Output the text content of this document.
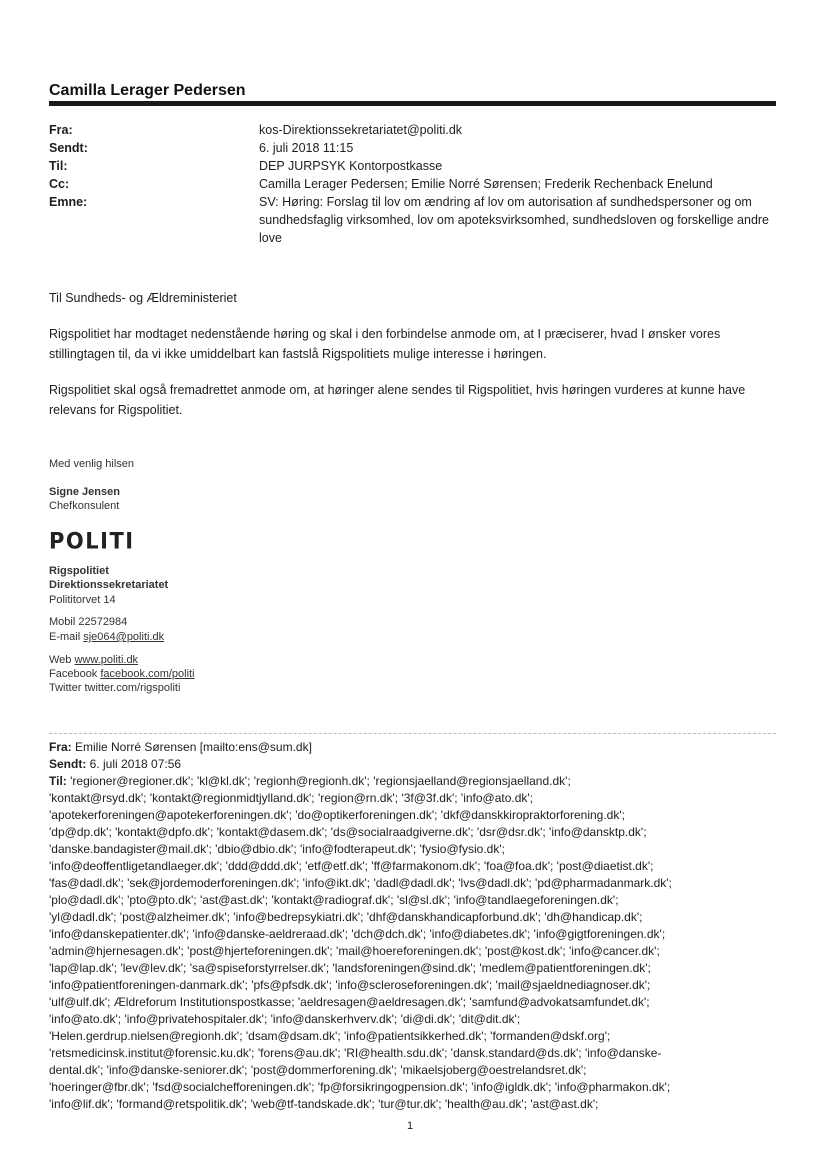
Camilla Lerager Pedersen
Fra:	kos-Direktionssekretariatet@politi.dk
Sendt:	6. juli 2018 11:15
Til:	DEP JURPSYK Kontorpostkasse
Cc:	Camilla Lerager Pedersen; Emilie Norré Sørensen; Frederik Rechenback Enelund
Emne:	SV: Høring: Forslag til lov om ændring af lov om autorisation af sundhedspersoner og om sundhedsfaglig virksomhed, lov om apoteksvirksomhed, sundhedsloven og forskellige andre love
Til Sundheds- og Ældreministeriet
Rigspolitiet har modtaget nedenstående høring og skal i den forbindelse anmode om, at I præciserer, hvad I ønsker vores stillingtagen til, da vi ikke umiddelbart kan fastslå Rigspolitiets mulige interesse i høringen.
Rigspolitiet skal også fremadrettet anmode om, at høringer alene sendes til Rigspolitiet, hvis høringen vurderes at kunne have relevans for Rigspolitiet.
Med venlig hilsen
Signe Jensen
Chefkonsulent
POLITI
Rigspolitiet
Direktionssekretariatet
Polititorvet 14
Mobil 22572984
E-mail sje064@politi.dk
Web www.politi.dk
Facebook facebook.com/politi
Twitter twitter.com/rigspoliti
Fra: Emilie Norré Sørensen [mailto:ens@sum.dk]
Sendt: 6. juli 2018 07:56
Til: 'regioner@regioner.dk'; 'kl@kl.dk'; 'regionh@regionh.dk'; 'regionsjaelland@regionsjaelland.dk';
'kontakt@rsyd.dk'; 'kontakt@regionmidtjylland.dk'; 'region@rn.dk'; '3f@3f.dk'; 'info@ato.dk';
'apotekerforeningen@apotekerforeningen.dk'; 'do@optikerforeningen.dk'; 'dkf@danskkiropraktorforening.dk';
'dp@dp.dk'; 'kontakt@dpfo.dk'; 'kontakt@dasem.dk'; 'ds@socialraadgiverne.dk'; 'dsr@dsr.dk'; 'info@dansktp.dk';
'danske.bandagister@mail.dk'; 'dbio@dbio.dk'; 'info@fodterapeut.dk'; 'fysio@fysio.dk';
'info@deoffentligetandlaeger.dk'; 'ddd@ddd.dk'; 'etf@etf.dk'; 'ff@farmakonom.dk'; 'foa@foa.dk'; 'post@diaetist.dk';
'fas@dadl.dk'; 'sek@jordemoderforeningen.dk'; 'info@ikt.dk'; 'dadl@dadl.dk'; 'lvs@dadl.dk'; 'pd@pharmadanmark.dk';
'plo@dadl.dk'; 'pto@pto.dk'; 'ast@ast.dk'; 'kontakt@radiograf.dk'; 'sl@sl.dk'; 'info@tandlaegeforeningen.dk';
'yl@dadl.dk'; 'post@alzheimer.dk'; 'info@bedrepsykiatri.dk'; 'dhf@danskhandicapforbund.dk'; 'dh@handicap.dk';
'info@danskepatienter.dk'; 'info@danske-aeldreraad.dk'; 'dch@dch.dk'; 'info@diabetes.dk'; 'info@gigtforeningen.dk';
'admin@hjernesagen.dk'; 'post@hjerteforeningen.dk'; 'mail@hoereforeningen.dk'; 'post@kost.dk'; 'info@cancer.dk';
'lap@lap.dk'; 'lev@lev.dk'; 'sa@spiseforstyrrelser.dk'; 'landsforeningen@sind.dk'; 'medlem@patientforeningen.dk';
'info@patientforeningen-danmark.dk'; 'pfs@pfsdk.dk'; 'info@scleroseforeningen.dk'; 'mail@sjaeldnediagnoser.dk';
'ulf@ulf.dk'; Ældreforum Institutionspostkasse; 'aeldresagen@aeldresagen.dk'; 'samfund@advokatsamfundet.dk';
'info@ato.dk'; 'info@privatehospitaler.dk'; 'info@danskerhverv.dk'; 'di@di.dk'; 'dit@dit.dk';
'Helen.gerdrup.nielsen@regionh.dk'; 'dsam@dsam.dk'; 'info@patientsikkerhed.dk'; 'formanden@dskf.org';
'retsmedicinsk.institut@forensic.ku.dk'; 'forens@au.dk'; 'RI@health.sdu.dk'; 'dansk.standard@ds.dk'; 'info@danske-
dental.dk'; 'info@danske-seniorer.dk'; 'post@dommerforening.dk'; 'mikaelsjoberg@oestrelandsret.dk';
'hoeringer@fbr.dk'; 'fsd@socialchefforeningen.dk'; 'fp@forsikringogpension.dk'; 'info@igldk.dk'; 'info@pharmakon.dk';
'info@lif.dk'; 'formand@retspolitik.dk'; 'web@tf-tandskade.dk'; 'tur@tur.dk'; 'health@au.dk'; 'ast@ast.dk';
1
